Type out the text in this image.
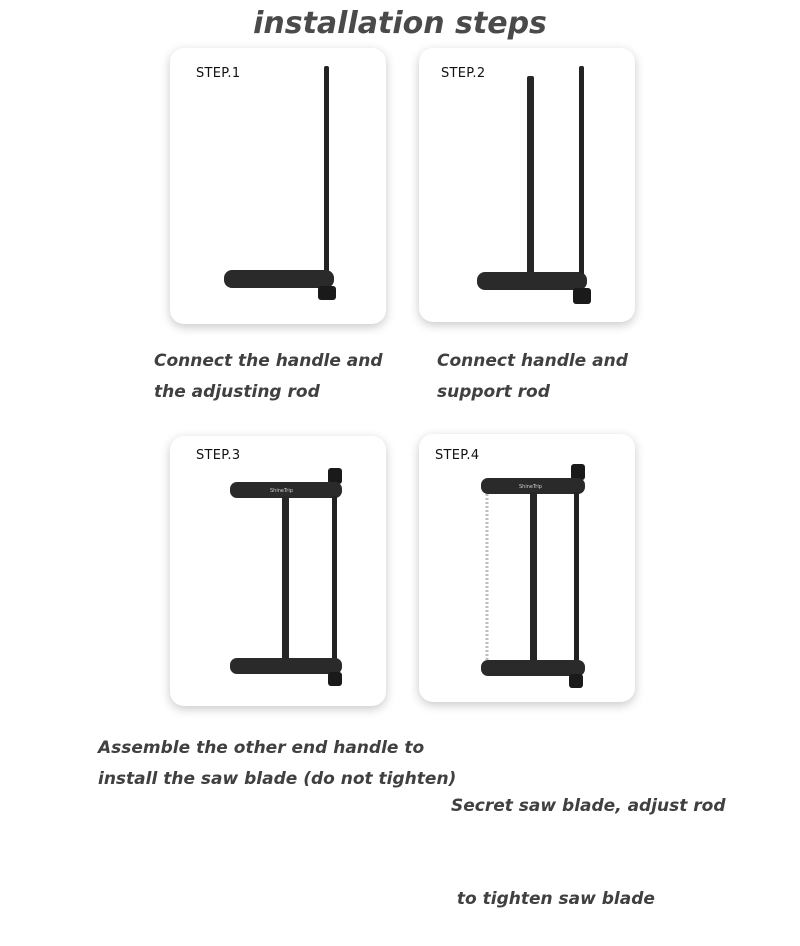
installation steps
STEP.1	STEP.2
STEP.3
ShineTrip
STEP.4
ShineTrip
Connect the handle and
the adjusting rod
Connect handle and
support rod
Assemble the other end handle to
install the saw blade (do not tighten)

Secret saw blade, adjust rod

to tighten saw blade
